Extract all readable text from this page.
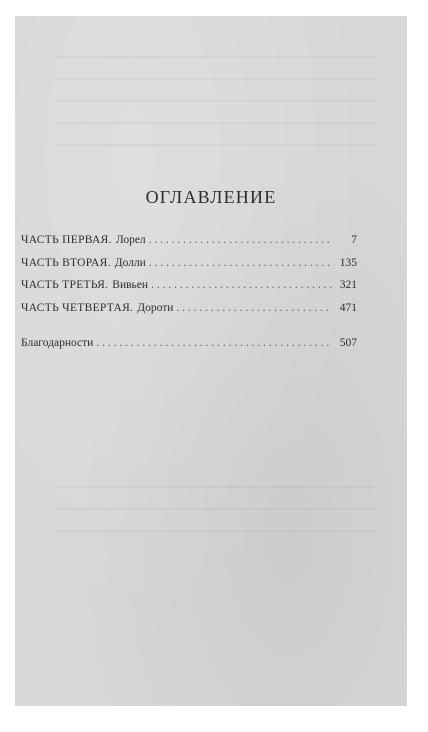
ОГЛАВЛЕНИЕ
ЧАСТЬ ПЕРВАЯ. Лорел . . .	7
ЧАСТЬ ВТОРАЯ. Долли . . .	135
ЧАСТЬ ТРЕТЬЯ. Вивьен . . .	321
ЧАСТЬ ЧЕТВЕРТАЯ. Дороти . . .	471
Благодарности . . .	507
